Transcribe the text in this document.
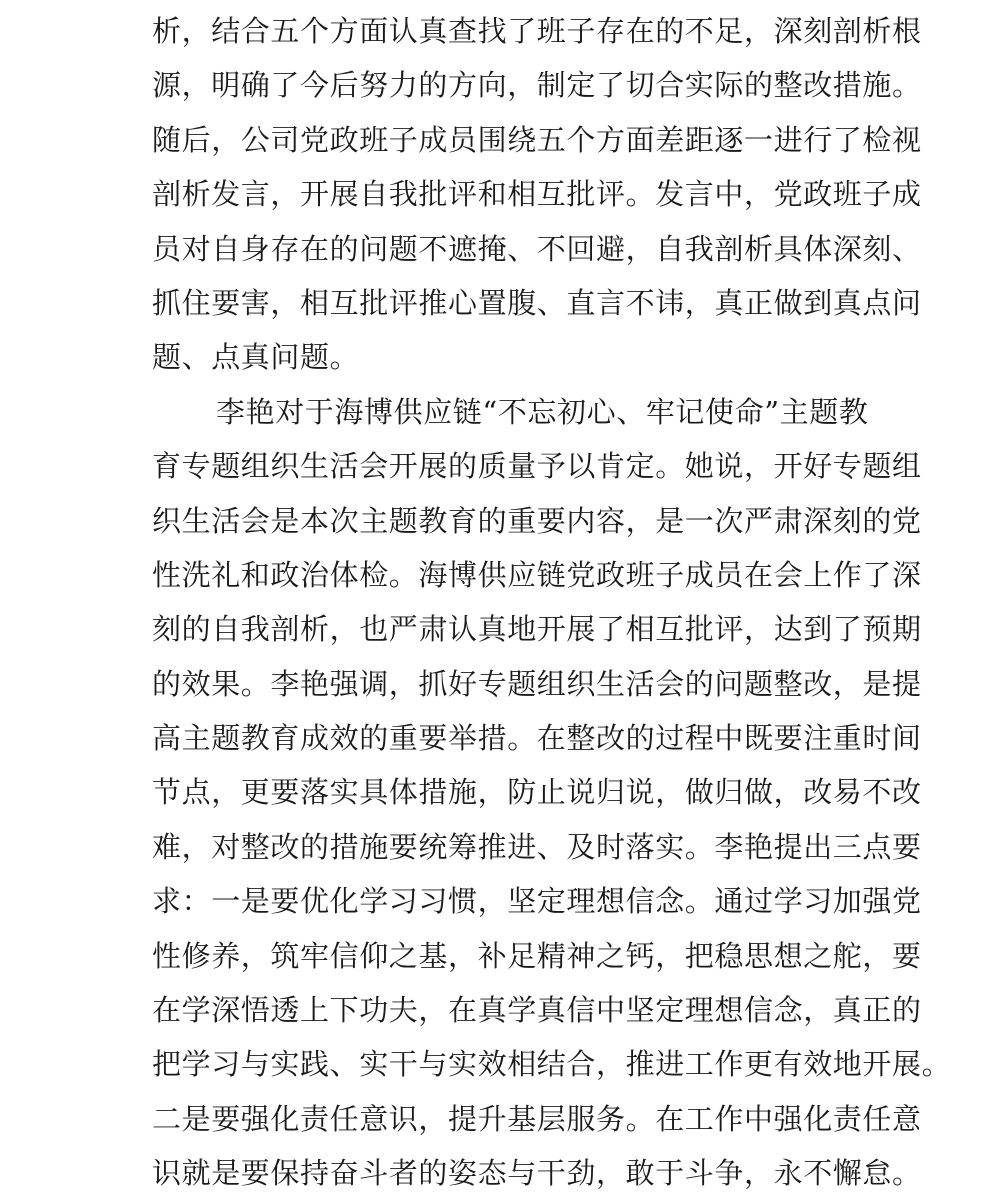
析，结合五个方面认真查找了班子存在的不足，深刻剖析根
源，明确了今后努力的方向，制定了切合实际的整改措施。
随后，公司党政班子成员围绕五个方面差距逐一进行了检视
剖析发言，开展自我批评和相互批评。发言中，党政班子成
员对自身存在的问题不遮掩、不回避，自我剖析具体深刻、
抓住要害，相互批评推心置腹、直言不讳，真正做到真点问
题、点真问题。
李艳对于海博供应链“不忘初心、牢记使命”主题教
育专题组织生活会开展的质量予以肯定。她说，开好专题组
织生活会是本次主题教育的重要内容，是一次严肃深刻的党
性洗礼和政治体检。海博供应链党政班子成员在会上作了深
刻的自我剖析，也严肃认真地开展了相互批评，达到了预期
的效果。李艳强调，抓好专题组织生活会的问题整改，是提
高主题教育成效的重要举措。在整改的过程中既要注重时间
节点，更要落实具体措施，防止说归说，做归做，改易不改
难，对整改的措施要统筹推进、及时落实。李艳提出三点要
求：一是要优化学习习惯，坚定理想信念。通过学习加强党
性修养，筑牢信仰之基，补足精神之钙，把稳思想之舵，要
在学深悟透上下功夫，在真学真信中坚定理想信念，真正的
把学习与实践、实干与实效相结合，推进工作更有效地开展。
二是要强化责任意识，提升基层服务。在工作中强化责任意
识就是要保持奋斗者的姿态与干劲，敢于斗争，永不懈怠。
